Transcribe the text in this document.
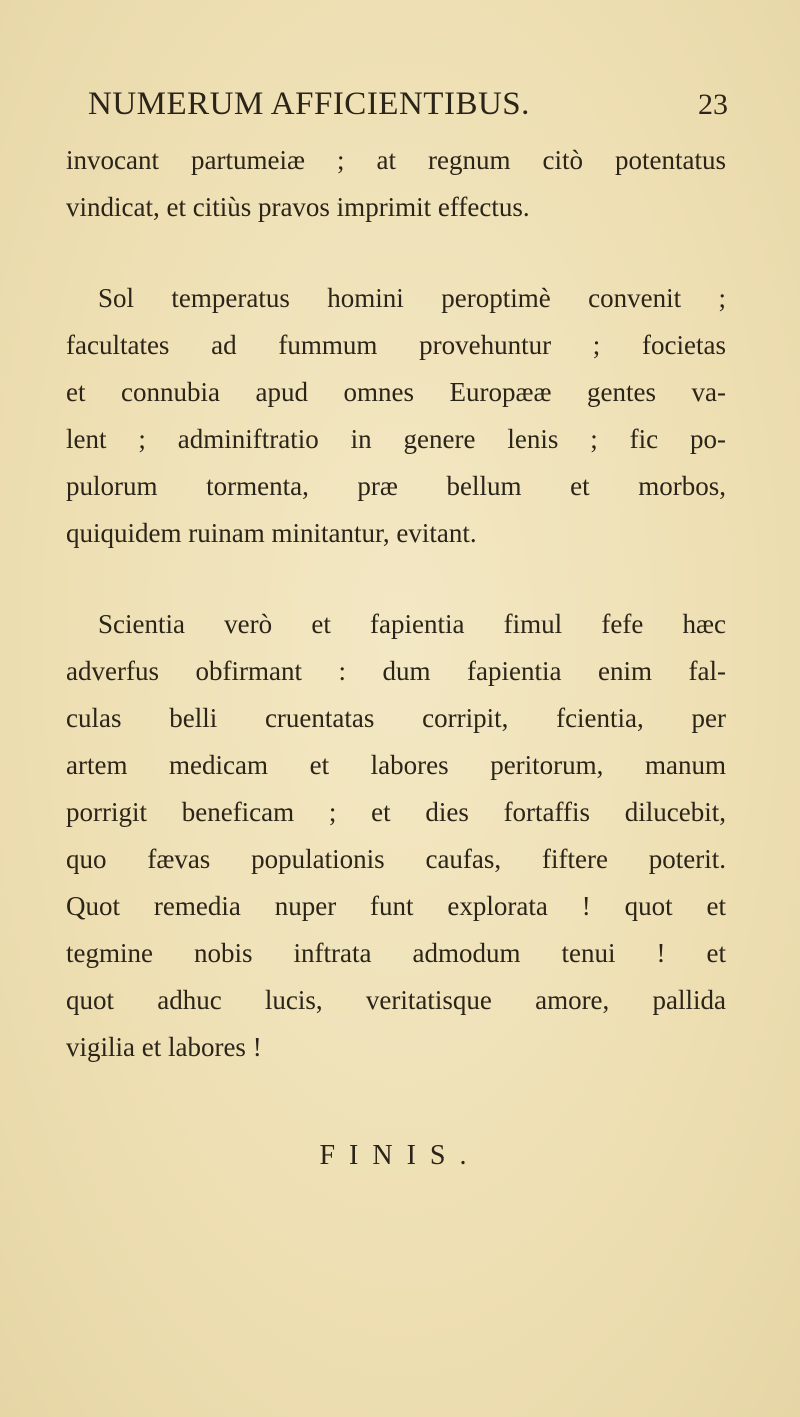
NUMERUM AFFICIENTIBUS.	23
invocant partumeiæ ; at regnum citò potentatus
vindicat, et citiùs pravos imprimit effectus.
Sol temperatus homini peroptimè convenit ;
facultates ad fummum provehuntur ; focietas
et connubia apud omnes Europææ gentes va-
lent ; adminiftratio in genere lenis ; fic po-
pulorum tormenta, præ bellum et morbos,
quiquidem ruinam minitantur, evitant.
Scientia verò et fapientia fimul fefe hæc
adverfus obfirmant : dum fapientia enim fal-
culas belli cruentatas corripit, fcientia, per
artem medicam et labores peritorum, manum
porrigit beneficam ; et dies fortaffis dilucebit,
quo fævas populationis caufas, fiftere poterit.
Quot remedia nuper funt explorata ! quot et
tegmine nobis inftrata admodum tenui ! et
quot adhuc lucis, veritatisque amore, pallida
vigilia et labores !
FINIS.
